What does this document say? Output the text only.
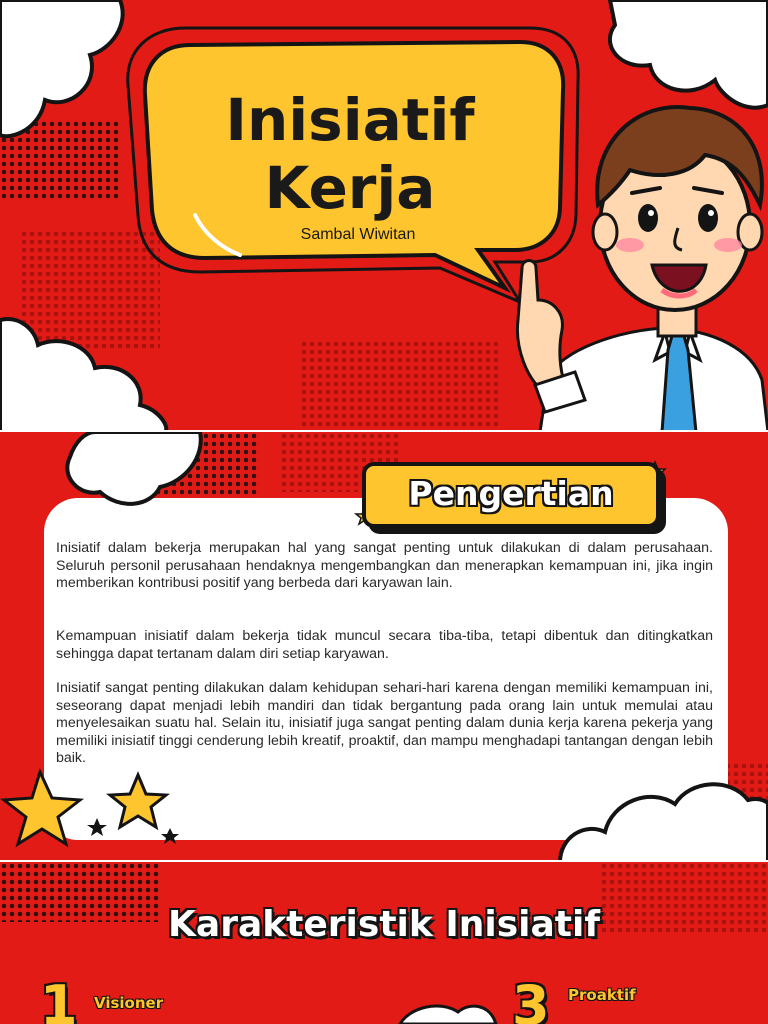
Inisiatif
Kerja
Sambal Wiwitan
Pengertian

Inisiatif dalam bekerja merupakan hal yang sangat penting untuk dilakukan di dalam perusahaan. Seluruh personil perusahaan hendaknya mengembangkan dan menerapkan kemampuan ini, jika ingin memberikan kontribusi positif yang berbeda dari karyawan lain.

Kemampuan inisiatif dalam bekerja tidak muncul secara tiba-tiba, tetapi dibentuk dan ditingkatkan sehingga dapat tertanam dalam diri setiap karyawan.

Inisiatif sangat penting dilakukan dalam kehidupan sehari-hari karena dengan memiliki kemampuan ini, seseorang dapat menjadi lebih mandiri dan tidak bergantung pada orang lain untuk memulai atau menyelesaikan suatu hal. Selain itu, inisiatif juga sangat penting dalam dunia kerja karena pekerja yang memiliki inisiatif tinggi cenderung lebih kreatif, proaktif, dan mampu menghadapi tantangan dengan lebih baik.

Karakteristik Inisiatif
1 Visioner	3 Proaktif
